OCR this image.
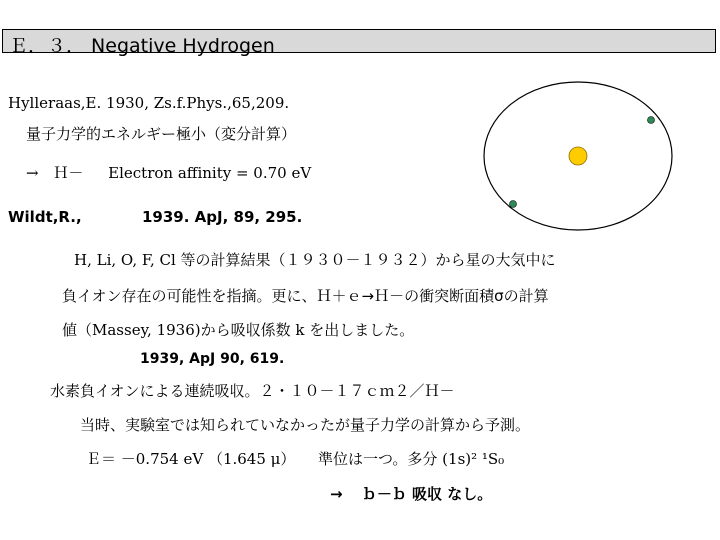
Ｅ．３． Negative Hydrogen
Hylleraas,E. 1930, Zs.f.Phys.,65,209.
量子力学的エネルギー極小（変分計算）
→ Ｈ－ Electron affinity = 0.70 eV
Wildt,R.,	1939. ApJ, 89, 295.
H, Li, O, F, Cl 等の計算結果（１９３０－１９３２）から星の大気中に
負イオン存在の可能性を指摘。更に、Ｈ＋ｅ→Ｈ－の衝突断面積σの計算
値（Massey, 1936)から吸収係数 k を出しました。
1939, ApJ 90, 619.
水素負イオンによる連続吸収。２・１０－１７ｃｍ２／Ｈ－
当時、実験室では知られていなかったが量子力学の計算から予測。
Ｅ＝ －0.754 eV （1.645 μ） 準位は一つ。多分 (1s)² ¹S₀
→ ｂ－ｂ 吸収 なし。
